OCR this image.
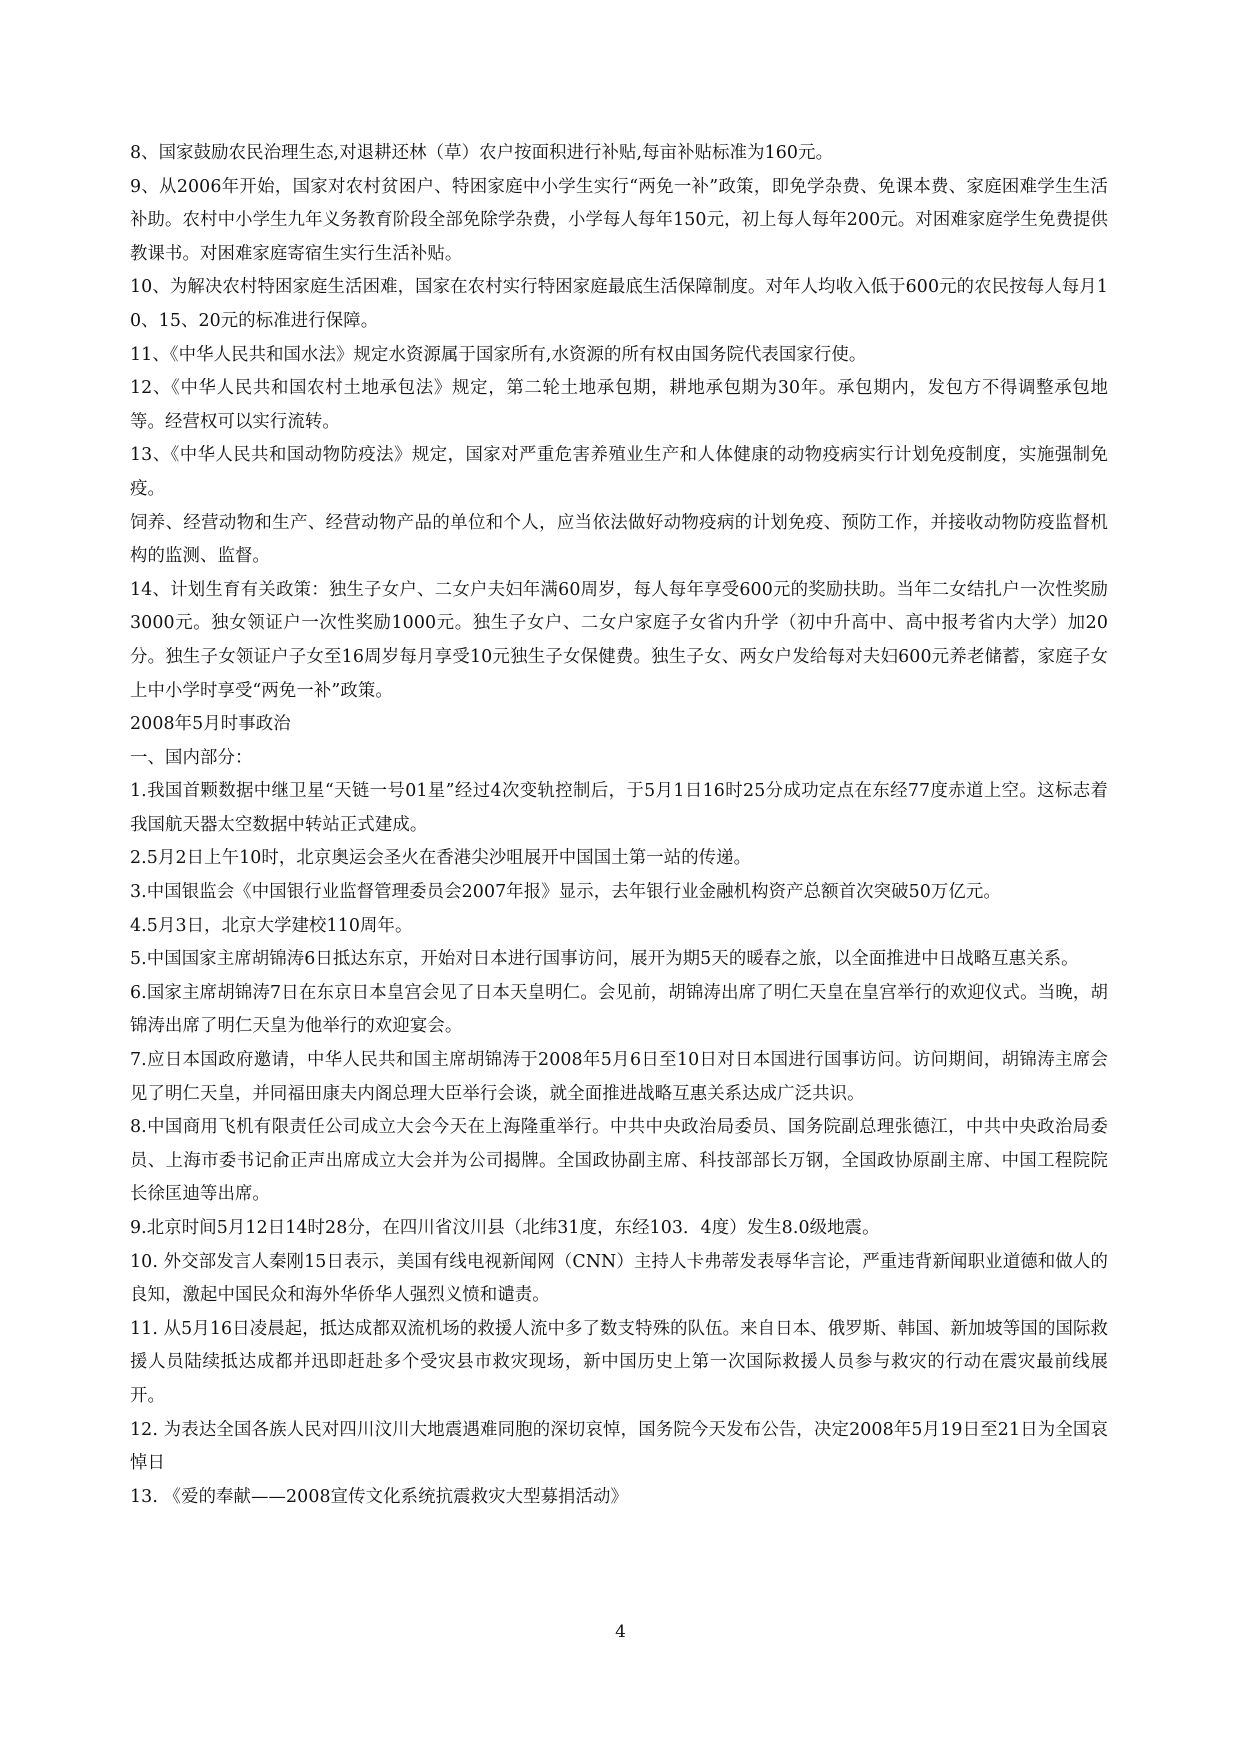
8、国家鼓励农民治理生态,对退耕还林（草）农户按面积进行补贴,每亩补贴标准为160元。

9、从2006年开始，国家对农村贫困户、特困家庭中小学生实行“两免一补”政策，即免学杂费、免课本费、家庭困难学生生活补助。农村中小学生九年义务教育阶段全部免除学杂费，小学每人每年150元，初上每人每年200元。对困难家庭学生免费提供教课书。对困难家庭寄宿生实行生活补贴。

10、为解决农村特困家庭生活困难，国家在农村实行特困家庭最底生活保障制度。对年人均收入低于600元的农民按每人每月10、15、20元的标准进行保障。

11、《中华人民共和国水法》规定水资源属于国家所有,水资源的所有权由国务院代表国家行使。

12、《中华人民共和国农村土地承包法》规定，第二轮土地承包期，耕地承包期为30年。承包期内，发包方不得调整承包地等。经营权可以实行流转。

13、《中华人民共和国动物防疫法》规定，国家对严重危害养殖业生产和人体健康的动物疫病实行计划免疫制度，实施强制免疫。

饲养、经营动物和生产、经营动物产品的单位和个人，应当依法做好动物疫病的计划免疫、预防工作，并接收动物防疫监督机构的监测、监督。

14、计划生育有关政策：独生子女户、二女户夫妇年满60周岁，每人每年享受600元的奖励扶助。当年二女结扎户一次性奖励3000元。独女领证户一次性奖励1000元。独生子女户、二女户家庭子女省内升学（初中升高中、高中报考省内大学）加20分。独生子女领证户子女至16周岁每月享受10元独生子女保健费。独生子女、两女户发给每对夫妇600元养老储蓄，家庭子女上中小学时享受“两免一补”政策。

2008年5月时事政治

一、国内部分：

1.我国首颗数据中继卫星“天链一号01星”经过4次变轨控制后，于5月1日16时25分成功定点在东经77度赤道上空。这标志着我国航天器太空数据中转站正式建成。

2.5月2日上午10时，北京奥运会圣火在香港尖沙咀展开中国国土第一站的传递。

3.中国银监会《中国银行业监督管理委员会2007年报》显示，去年银行业金融机构资产总额首次突破50万亿元。

4.5月3日，北京大学建校110周年。

5.中国国家主席胡锦涛6日抵达东京，开始对日本进行国事访问，展开为期5天的暖春之旅，以全面推进中日战略互惠关系。

6.国家主席胡锦涛7日在东京日本皇宫会见了日本天皇明仁。会见前，胡锦涛出席了明仁天皇在皇宫举行的欢迎仪式。当晚，胡锦涛出席了明仁天皇为他举行的欢迎宴会。

7.应日本国政府邀请，中华人民共和国主席胡锦涛于2008年5月6日至10日对日本国进行国事访问。访问期间，胡锦涛主席会见了明仁天皇，并同福田康夫内阁总理大臣举行会谈，就全面推进战略互惠关系达成广泛共识。

8.中国商用飞机有限责任公司成立大会今天在上海隆重举行。中共中央政治局委员、国务院副总理张德江，中共中央政治局委员、上海市委书记俞正声出席成立大会并为公司揭牌。全国政协副主席、科技部部长万钢，全国政协原副主席、中国工程院院长徐匡迪等出席。

9.北京时间5月12日14时28分，在四川省汶川县（北纬31度，东经103．4度）发生8.0级地震。

10. 外交部发言人秦刚15日表示，美国有线电视新闻网（CNN）主持人卡弗蒂发表辱华言论，严重违背新闻职业道德和做人的良知，激起中国民众和海外华侨华人强烈义愤和谴责。

11. 从5月16日凌晨起，抵达成都双流机场的救援人流中多了数支特殊的队伍。来自日本、俄罗斯、韩国、新加坡等国的国际救援人员陆续抵达成都并迅即赶赴多个受灾县市救灾现场，新中国历史上第一次国际救援人员参与救灾的行动在震灾最前线展开。

12. 为表达全国各族人民对四川汶川大地震遇难同胞的深切哀悼，国务院今天发布公告，决定2008年5月19日至21日为全国哀悼日

13. 《爱的奉献——2008宣传文化系统抗震救灾大型募捐活动》

4
